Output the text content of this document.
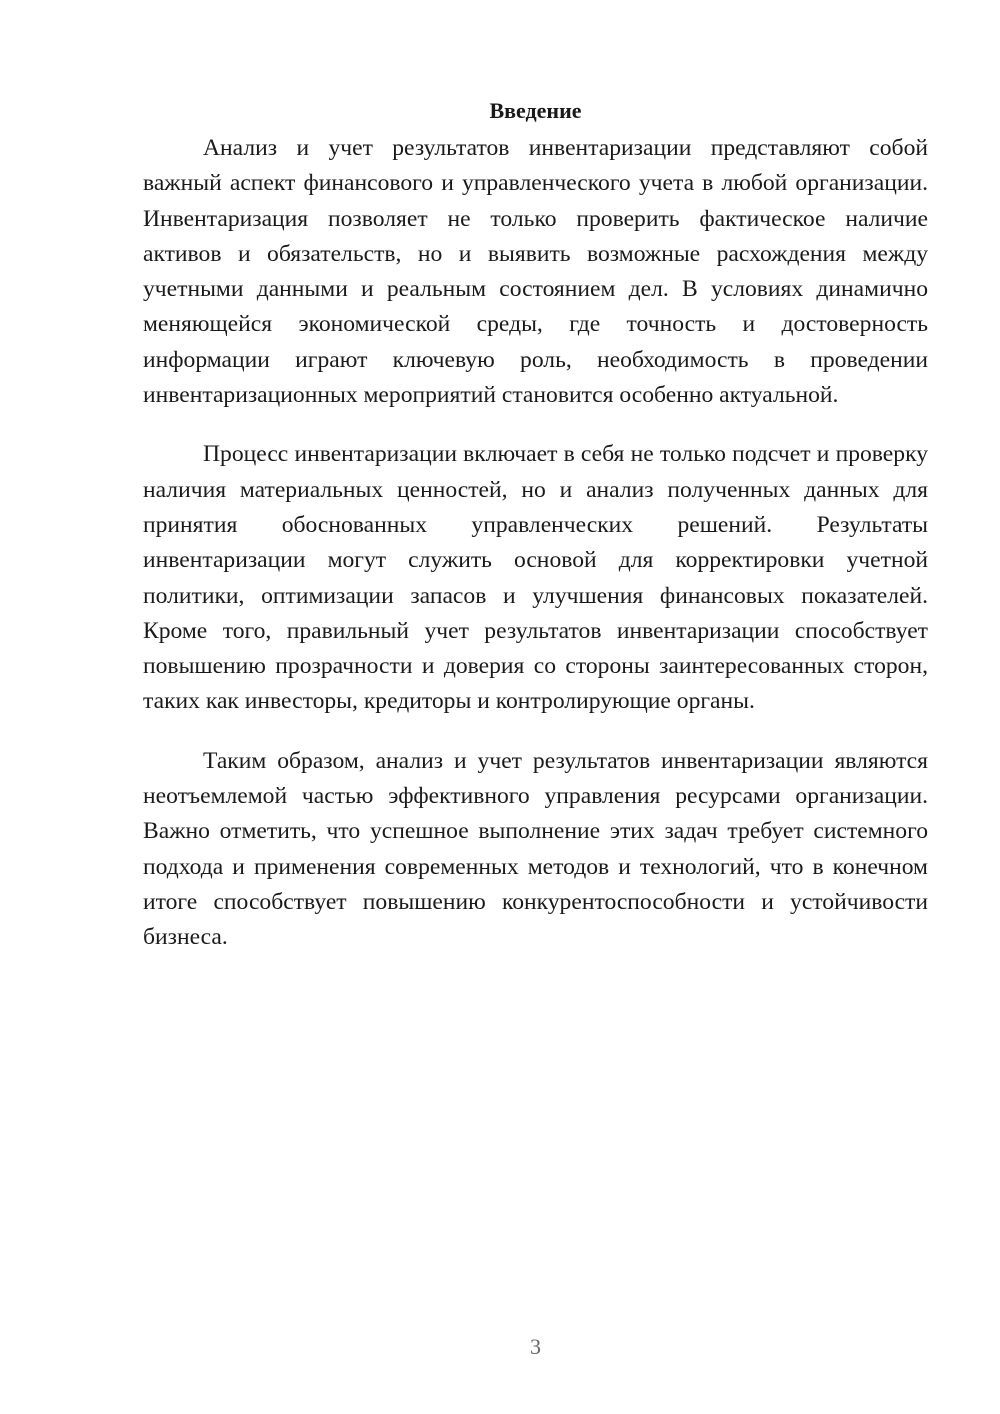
Введение

Анализ и учет результатов инвентаризации представляют собой важный аспект финансового и управленческого учета в любой организации. Инвентаризация позволяет не только проверить фактическое наличие активов и обязательств, но и выявить возможные расхождения между учетными данными и реальным состоянием дел. В условиях динамично меняющейся экономической среды, где точность и достоверность информации играют ключевую роль, необходимость в проведении инвентаризационных мероприятий становится особенно актуальной.

Процесс инвентаризации включает в себя не только подсчет и проверку наличия материальных ценностей, но и анализ полученных данных для принятия обоснованных управленческих решений. Результаты инвентаризации могут служить основой для корректировки учетной политики, оптимизации запасов и улучшения финансовых показателей. Кроме того, правильный учет результатов инвентаризации способствует повышению прозрачности и доверия со стороны заинтересованных сторон, таких как инвесторы, кредиторы и контролирующие органы.

Таким образом, анализ и учет результатов инвентаризации являются неотъемлемой частью эффективного управления ресурсами организации. Важно отметить, что успешное выполнение этих задач требует системного подхода и применения современных методов и технологий, что в конечном итоге способствует повышению конкурентоспособности и устойчивости бизнеса.

3
